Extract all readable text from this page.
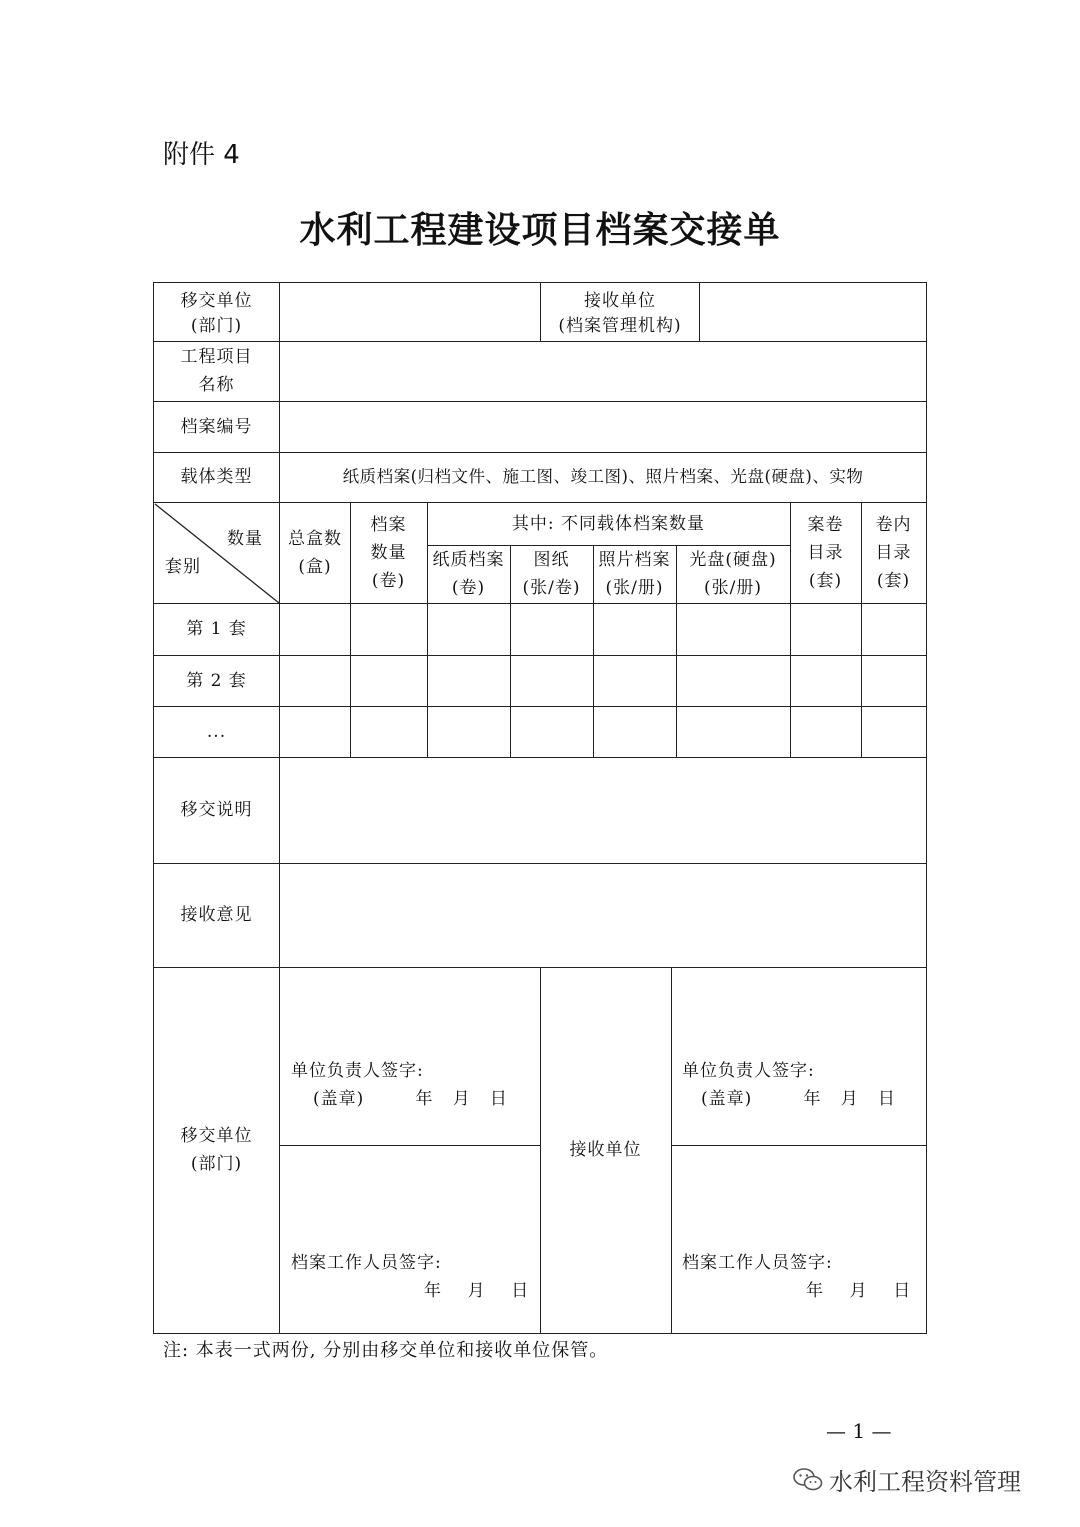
附件 4
水利工程建设项目档案交接单
移交单位
(部门)
接收单位
(档案管理机构)
工程项目
名称
档案编号
载体类型	纸质档案(归档文件、施工图、竣工图)、照片档案、光盘(硬盘)、实物
数量
套别
总盒数
(盒)
档案
数量
(卷)
其中: 不同载体档案数量
纸质档案
(卷)
图纸
(张/卷)
照片档案
(张/册)
光盘(硬盘)
(张/册)
案卷
目录
(套)
卷内
目录
(套)
第 1 套
第 2 套
...
移交说明
接收意见
移交单位
(部门)
接收单位
单位负责人签字:
(盖章)        年   月   日
档案工作人员签字:
年    月    日
单位负责人签字:
(盖章)        年   月   日
档案工作人员签字:
年    月    日
注: 本表一式两份, 分别由移交单位和接收单位保管。
— 1 —
水利工程资料管理
